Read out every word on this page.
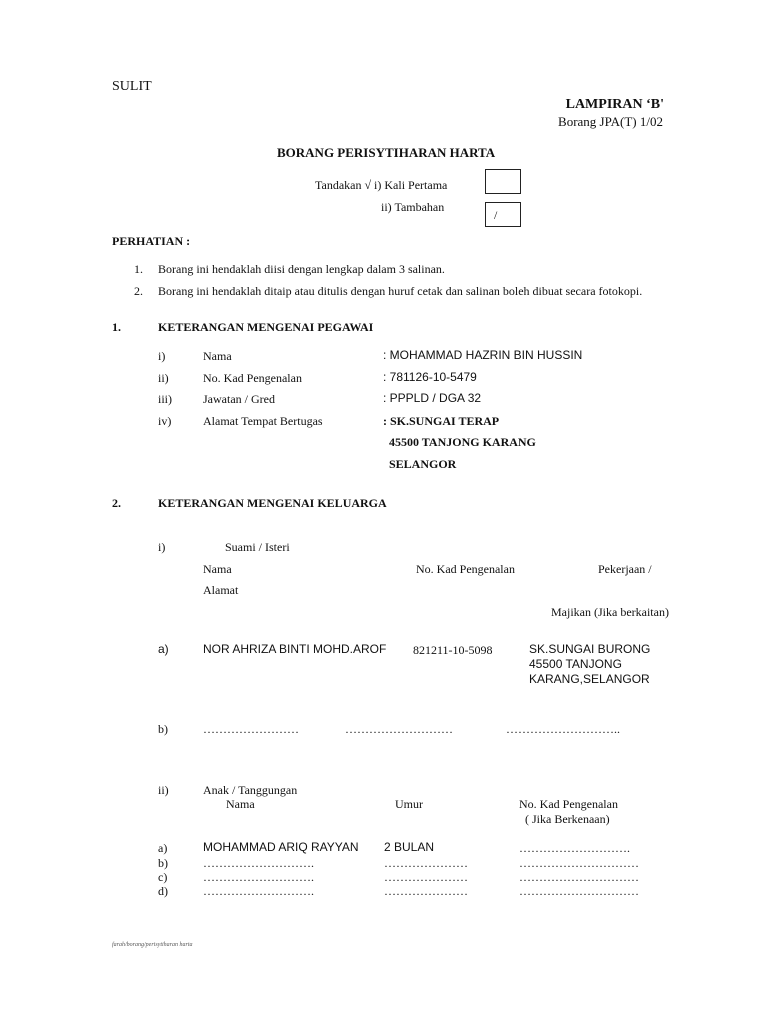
SULIT
LAMPIRAN ‘B'
Borang JPA(T) 1/02
BORANG PERISYTIHARAN HARTA
Tandakan √ i) Kali Pertama
ii) Tambahan
/
PERHATIAN :
1. Borang ini hendaklah diisi dengan lengkap dalam 3 salinan.
2. Borang ini hendaklah ditaip atau ditulis dengan huruf cetak dan salinan boleh dibuat secara fotokopi.
1.	KETERANGAN MENGENAI PEGAWAI
i)	Nama	: MOHAMMAD HAZRIN BIN HUSSIN
ii)	No. Kad Pengenalan	: 781126-10-5479
iii)	Jawatan / Gred	: PPPLD / DGA 32
iv)	Alamat Tempat Bertugas	: SK.SUNGAI TERAP
45500 TANJONG KARANG
SELANGOR
2.	KETERANGAN MENGENAI KELUARGA
i)	Suami / Isteri
Nama	No. Kad Pengenalan	Pekerjaan /
Alamat
Majikan (Jika berkaitan)
a)	NOR AHRIZA BINTI MOHD.AROF 821211-10-5098	SK.SUNGAI BURONG
45500 TANJONG
KARANG,SELANGOR
b)	……………………	………………………	………………………..
ii)	Anak / Tanggungan
Nama	Umur	No. Kad Pengenalan
( Jika Berkenaan)
a)	MOHAMMAD ARIQ RAYYAN 2 BULAN	……………………….
b)	……………………….	…………………	…………………………
c)	……………………….	…………………	…………………………
d)	……………………….	…………………	…………………………
farah/borang/perisytiharan harta
